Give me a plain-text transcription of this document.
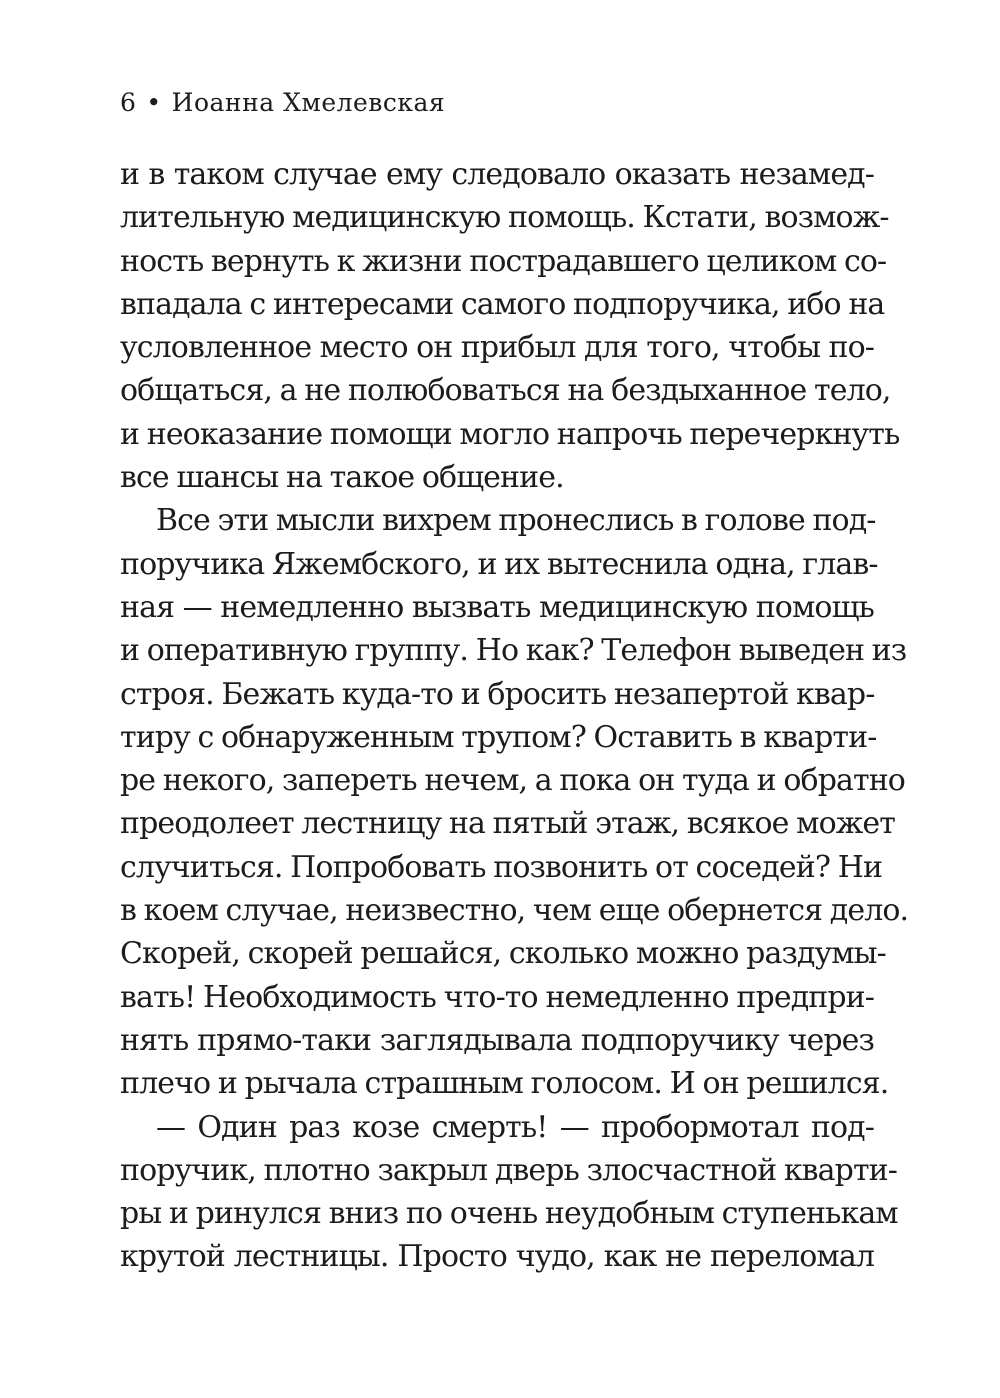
6 • Иоанна Хмелевская
и в таком случае ему следовало оказать незамед-
лительную медицинскую помощь. Кстати, возмож-
ность вернуть к жизни пострадавшего целиком со-
впадала с интересами самого подпоручика, ибо на
условленное место он прибыл для того, чтобы по-
общаться, а не полюбоваться на бездыханное тело,
и неоказание помощи могло напрочь перечеркнуть
все шансы на такое общение.
Все эти мысли вихрем пронеслись в голове под-
поручика Яжембского, и их вытеснила одна, глав-
ная — немедленно вызвать медицинскую помощь
и оперативную группу. Но как? Телефон выведен из
строя. Бежать куда-то и бросить незапертой квар-
тиру с обнаруженным трупом? Оставить в кварти-
ре некого, запереть нечем, а пока он туда и обратно
преодолеет лестницу на пятый этаж, всякое может
случиться. Попробовать позвонить от соседей? Ни
в коем случае, неизвестно, чем еще обернется дело.
Скорей, скорей решайся, сколько можно раздумы-
вать! Необходимость что-то немедленно предпри-
нять прямо-таки заглядывала подпоручику через
плечо и рычала страшным голосом. И он решился.
— Один раз козе смерть! — пробормотал под-
поручик, плотно закрыл дверь злосчастной кварти-
ры и ринулся вниз по очень неудобным ступенькам
крутой лестницы. Просто чудо, как не переломал
